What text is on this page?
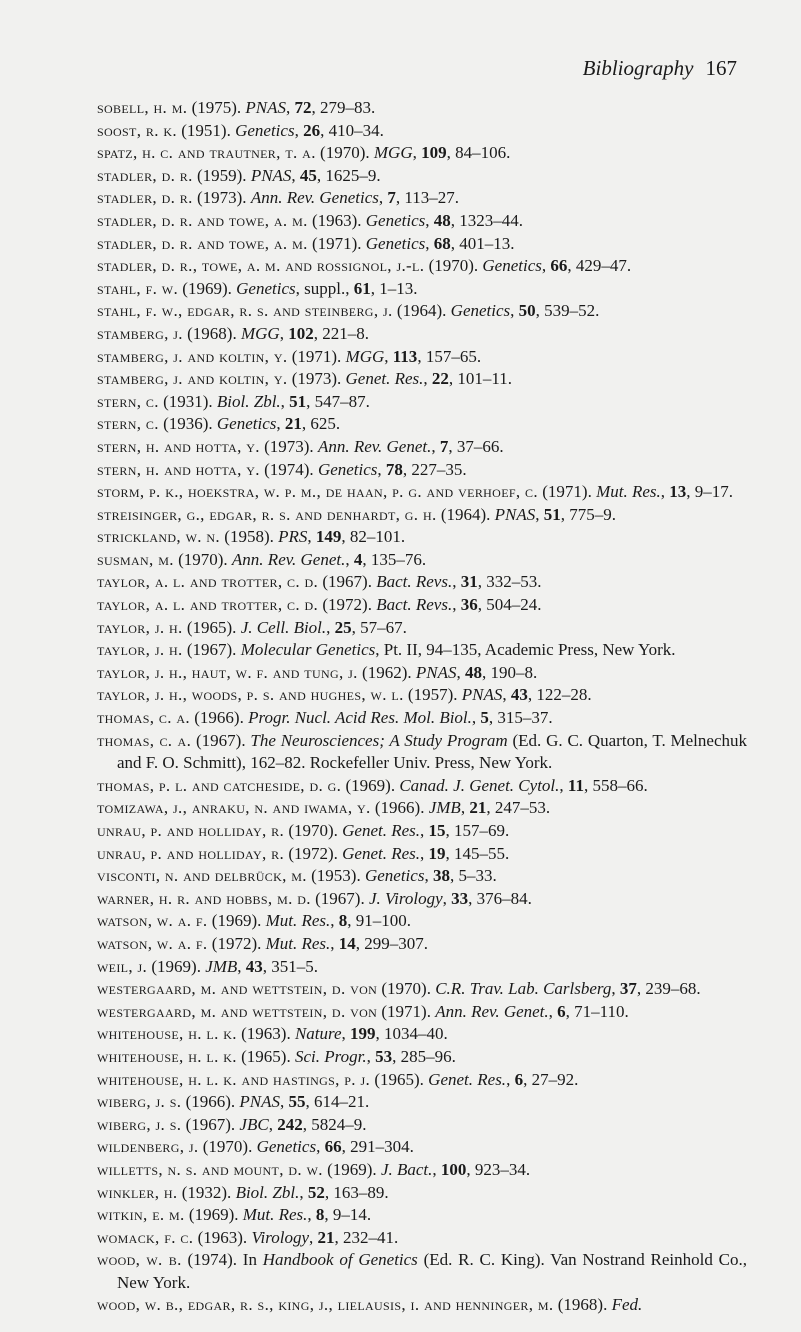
Bibliography 167

sobell, h. m. (1975). PNAS, 72, 279–83.

soost, r. k. (1951). Genetics, 26, 410–34.

spatz, h. c. and trautner, t. a. (1970). MGG, 109, 84–106.

stadler, d. r. (1959). PNAS, 45, 1625–9.

stadler, d. r. (1973). Ann. Rev. Genetics, 7, 113–27.

stadler, d. r. and towe, a. m. (1963). Genetics, 48, 1323–44.

stadler, d. r. and towe, a. m. (1971). Genetics, 68, 401–13.

stadler, d. r., towe, a. m. and rossignol, j.-l. (1970). Genetics, 66, 429–47.

stahl, f. w. (1969). Genetics, suppl., 61, 1–13.

stahl, f. w., edgar, r. s. and steinberg, j. (1964). Genetics, 50, 539–52.

stamberg, j. (1968). MGG, 102, 221–8.

stamberg, j. and koltin, y. (1971). MGG, 113, 157–65.

stamberg, j. and koltin, y. (1973). Genet. Res., 22, 101–11.

stern, c. (1931). Biol. Zbl., 51, 547–87.

stern, c. (1936). Genetics, 21, 625.

stern, h. and hotta, y. (1973). Ann. Rev. Genet., 7, 37–66.

stern, h. and hotta, y. (1974). Genetics, 78, 227–35.

storm, p. k., hoekstra, w. p. m., de haan, p. g. and verhoef, c. (1971). Mut. Res., 13, 9–17.

streisinger, g., edgar, r. s. and denhardt, g. h. (1964). PNAS, 51, 775–9.

strickland, w. n. (1958). PRS, 149, 82–101.

susman, m. (1970). Ann. Rev. Genet., 4, 135–76.

taylor, a. l. and trotter, c. d. (1967). Bact. Revs., 31, 332–53.

taylor, a. l. and trotter, c. d. (1972). Bact. Revs., 36, 504–24.

taylor, j. h. (1965). J. Cell. Biol., 25, 57–67.

taylor, j. h. (1967). Molecular Genetics, Pt. II, 94–135, Academic Press, New York.

taylor, j. h., haut, w. f. and tung, j. (1962). PNAS, 48, 190–8.

taylor, j. h., woods, p. s. and hughes, w. l. (1957). PNAS, 43, 122–28.

thomas, c. a. (1966). Progr. Nucl. Acid Res. Mol. Biol., 5, 315–37.

thomas, c. a. (1967). The Neurosciences; A Study Program (Ed. G. C. Quarton, T. Melnechuk and F. O. Schmitt), 162–82. Rockefeller Univ. Press, New York.

thomas, p. l. and catcheside, d. g. (1969). Canad. J. Genet. Cytol., 11, 558–66.

tomizawa, j., anraku, n. and iwama, y. (1966). JMB, 21, 247–53.

unrau, p. and holliday, r. (1970). Genet. Res., 15, 157–69.

unrau, p. and holliday, r. (1972). Genet. Res., 19, 145–55.

visconti, n. and delbrück, m. (1953). Genetics, 38, 5–33.

warner, h. r. and hobbs, m. d. (1967). J. Virology, 33, 376–84.

watson, w. a. f. (1969). Mut. Res., 8, 91–100.

watson, w. a. f. (1972). Mut. Res., 14, 299–307.

weil, j. (1969). JMB, 43, 351–5.

westergaard, m. and wettstein, d. von (1970). C.R. Trav. Lab. Carlsberg, 37, 239–68.

westergaard, m. and wettstein, d. von (1971). Ann. Rev. Genet., 6, 71–110.

whitehouse, h. l. k. (1963). Nature, 199, 1034–40.

whitehouse, h. l. k. (1965). Sci. Progr., 53, 285–96.

whitehouse, h. l. k. and hastings, p. j. (1965). Genet. Res., 6, 27–92.

wiberg, j. s. (1966). PNAS, 55, 614–21.

wiberg, j. s. (1967). JBC, 242, 5824–9.

wildenberg, j. (1970). Genetics, 66, 291–304.

willetts, n. s. and mount, d. w. (1969). J. Bact., 100, 923–34.

winkler, h. (1932). Biol. Zbl., 52, 163–89.

witkin, e. m. (1969). Mut. Res., 8, 9–14.

womack, f. c. (1963). Virology, 21, 232–41.

wood, w. b. (1974). In Handbook of Genetics (Ed. R. C. King). Van Nostrand Reinhold Co., New York.

wood, w. b., edgar, r. s., king, j., lielausis, i. and henninger, m. (1968). Fed.
